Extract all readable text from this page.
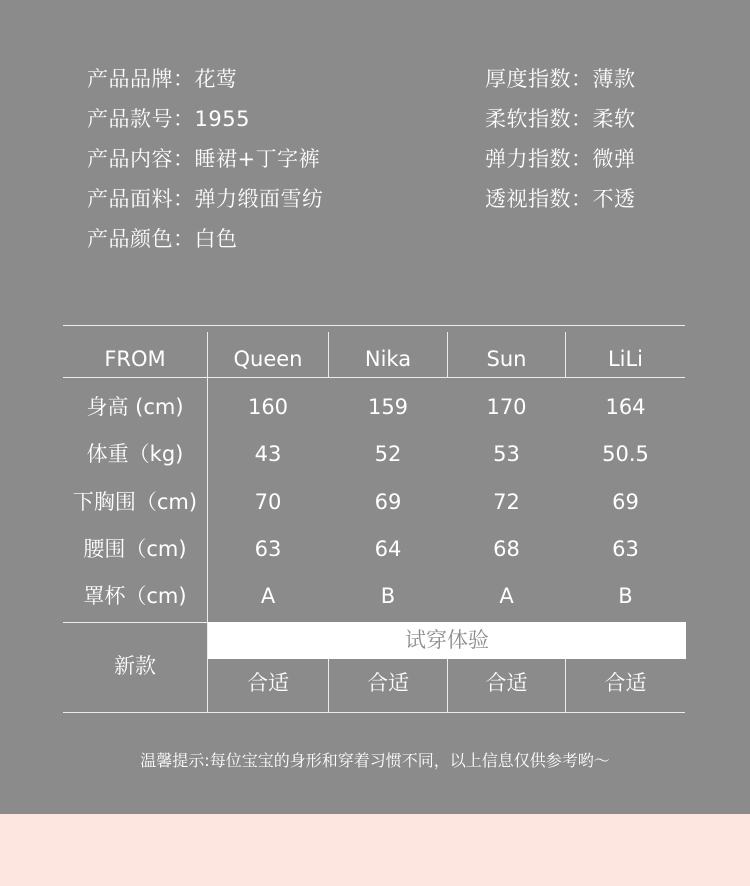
产品品牌 ： 花莺
产品款号 ： 1955
产品内容 ： 睡裙+丁字裤
产品面料 ： 弹力缎面雪纺
产品颜色 ： 白色
厚度指数 ： 薄款
柔软指数 ： 柔软
弹力指数 ： 微弹
透视指数 ： 不透
FROM	Queen	Nika	Sun	LiLi
身高 (cm)	160	159	170	164
体重（kg)	43	52	53	50.5
下胸围（cm)	70	69	72	69
腰围（cm)	63	64	68	63
罩杯（cm)	A	B	A	B
试穿体验
新款
合适	合适	合适	合适
温馨提示:每位宝宝的身形和穿着习惯不同，以上信息仅供参考哟～
